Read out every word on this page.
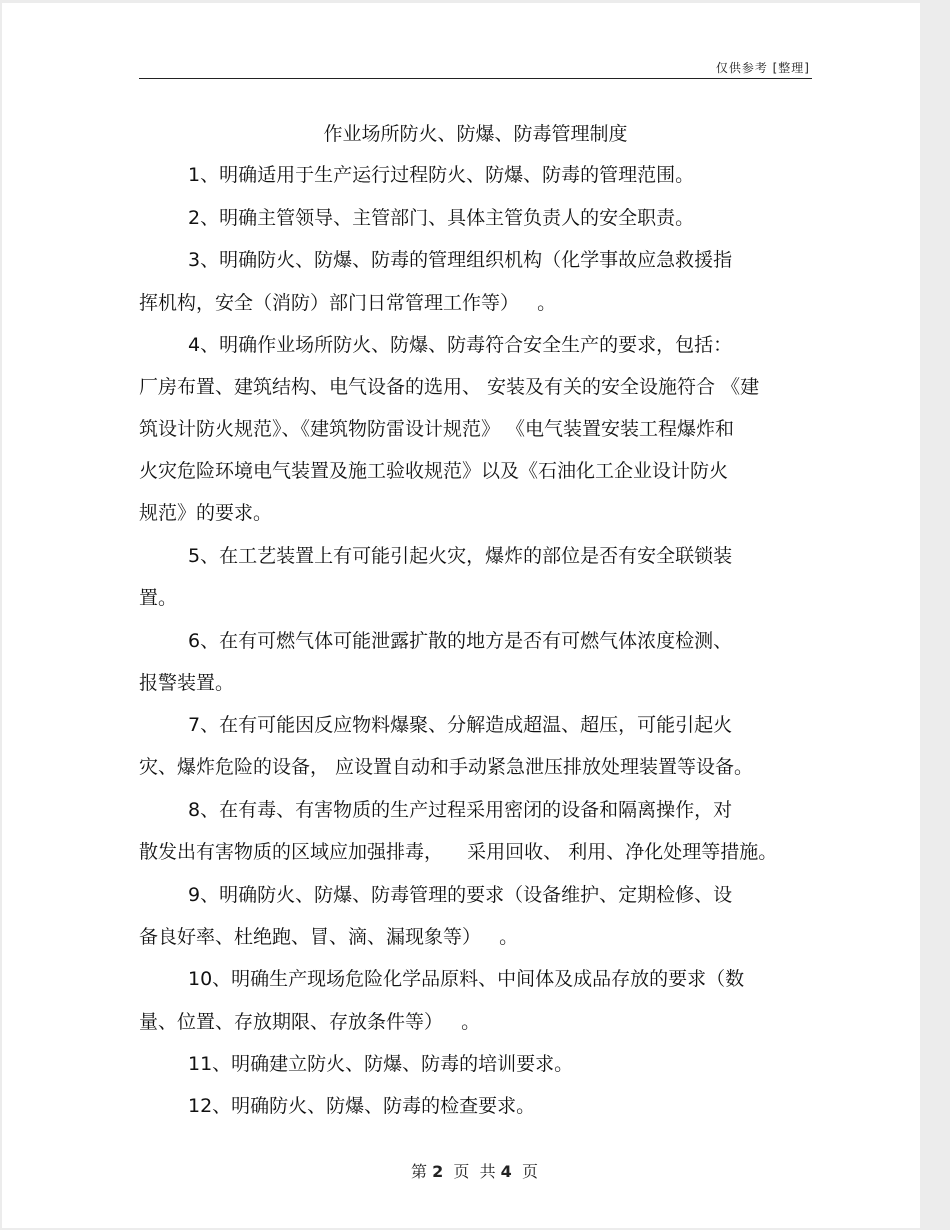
仅供参考 [整理]
作业场所防火、防爆、防毒管理制度
1、明确适用于生产运行过程防火、防爆、防毒的管理范围。
2、明确主管领导、主管部门、具体主管负责人的安全职责。
3、明确防火、防爆、防毒的管理组织机构（化学事故应急救援指
挥机构，安全（消防）部门日常管理工作等）   。
4、明确作业场所防火、防爆、防毒符合安全生产的要求，包括：
厂房布置、建筑结构、电气设备的选用、 安装及有关的安全设施符合 《建
筑设计防火规范》、《建筑物防雷设计规范》 《电气装置安装工程爆炸和
火灾危险环境电气装置及施工验收规范》以及《石油化工企业设计防火
规范》的要求。
5、在工艺装置上有可能引起火灾，爆炸的部位是否有安全联锁装
置。
6、在有可燃气体可能泄露扩散的地方是否有可燃气体浓度检测、
报警装置。
7、在有可能因反应物料爆聚、分解造成超温、超压，可能引起火
灾、爆炸危险的设备， 应设置自动和手动紧急泄压排放处理装置等设备。
8、在有毒、有害物质的生产过程采用密闭的设备和隔离操作，对
散发出有害物质的区域应加强排毒，    采用回收、 利用、净化处理等措施。
9、明确防火、防爆、防毒管理的要求（设备维护、定期检修、设
备良好率、杜绝跑、冒、滴、漏现象等）   。
10、明确生产现场危险化学品原料、中间体及成品存放的要求（数
量、位置、存放期限、存放条件等）   。
11、明确建立防火、防爆、防毒的培训要求。
12、明确防火、防爆、防毒的检查要求。
第 2  页  共 4  页
